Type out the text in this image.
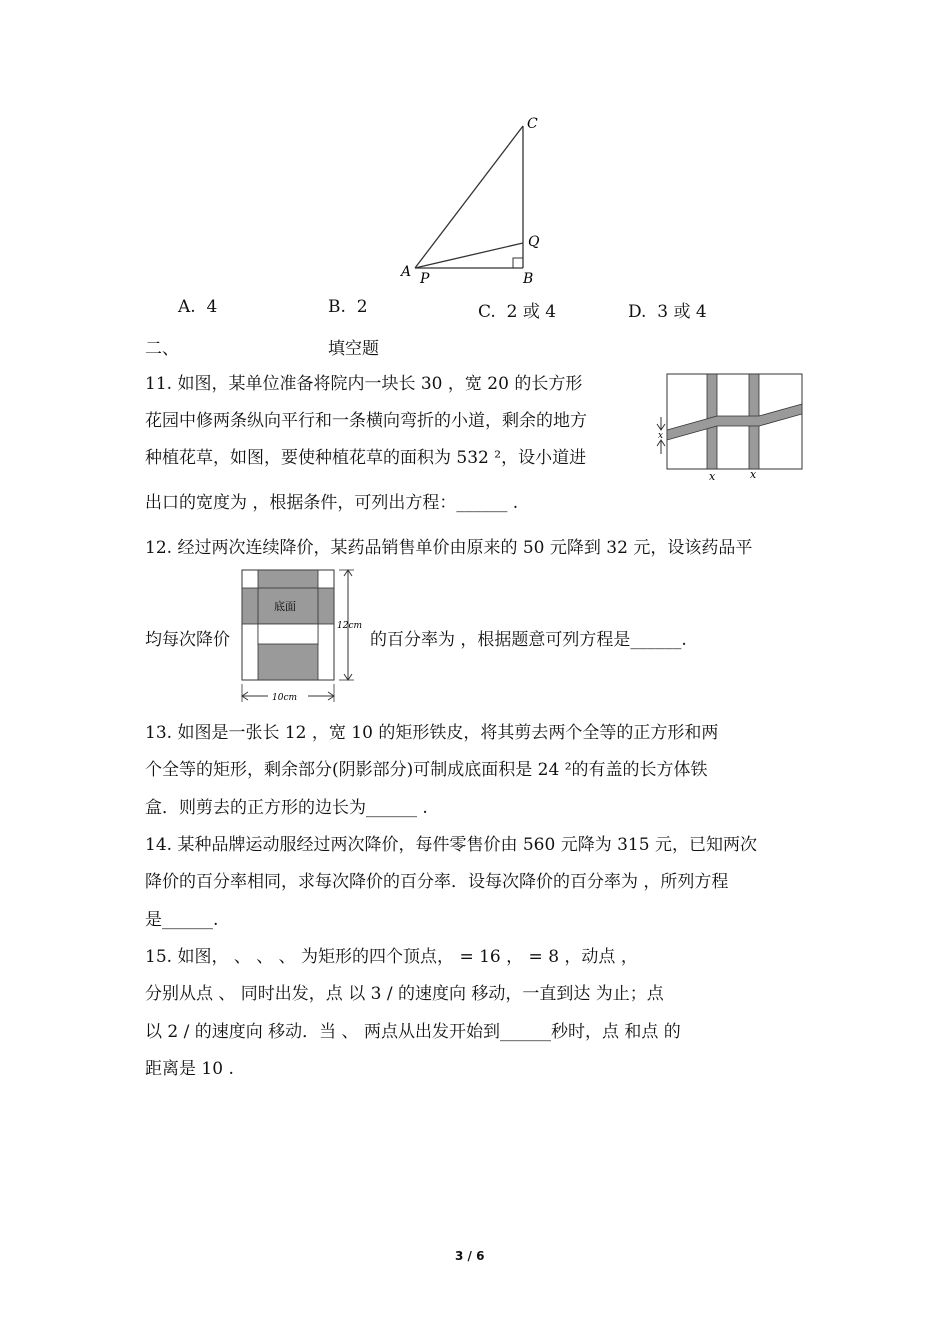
C
Q
A P	B
A. 4	B. 2	C. 2 或 4	D. 3 或 4
二、	填空题
11. 如图，某单位准备将院内一块长 30 ，宽 20 的长方形
花园中修两条纵向平行和一条横向弯折的小道，剩余的地方
种植花草，如图，要使种植花草的面积为 532 ²，设小道进
出口的宽度为 ，根据条件，可列出方程：______ .
x
x	x
12. 经过两次连续降价，某药品销售单价由原来的 50 元降到 32 元，设该药品平
均每次降价	的百分率为 ，根据题意可列方程是______.
底面
12cm
10cm
13. 如图是一张长 12 ，宽 10 的矩形铁皮，将其剪去两个全等的正方形和两
个全等的矩形，剩余部分(阴影部分)可制成底面积是 24 ²的有盖的长方体铁
盒．则剪去的正方形的边长为______ .
14. 某种品牌运动服经过两次降价，每件零售价由 560 元降为 315 元，已知两次
降价的百分率相同，求每次降价的百分率．设每次降价的百分率为 ，所列方程
是______.
15. 如图， 、 、 、 为矩形的四个顶点， = 16 ， = 8 ，动点 ，
分别从点 、 同时出发，点 以 3 / 的速度向 移动，一直到达 为止；点
以 2 / 的速度向 移动．当 、 两点从出发开始到______秒时，点 和点 的
距离是 10 .
3 / 6
